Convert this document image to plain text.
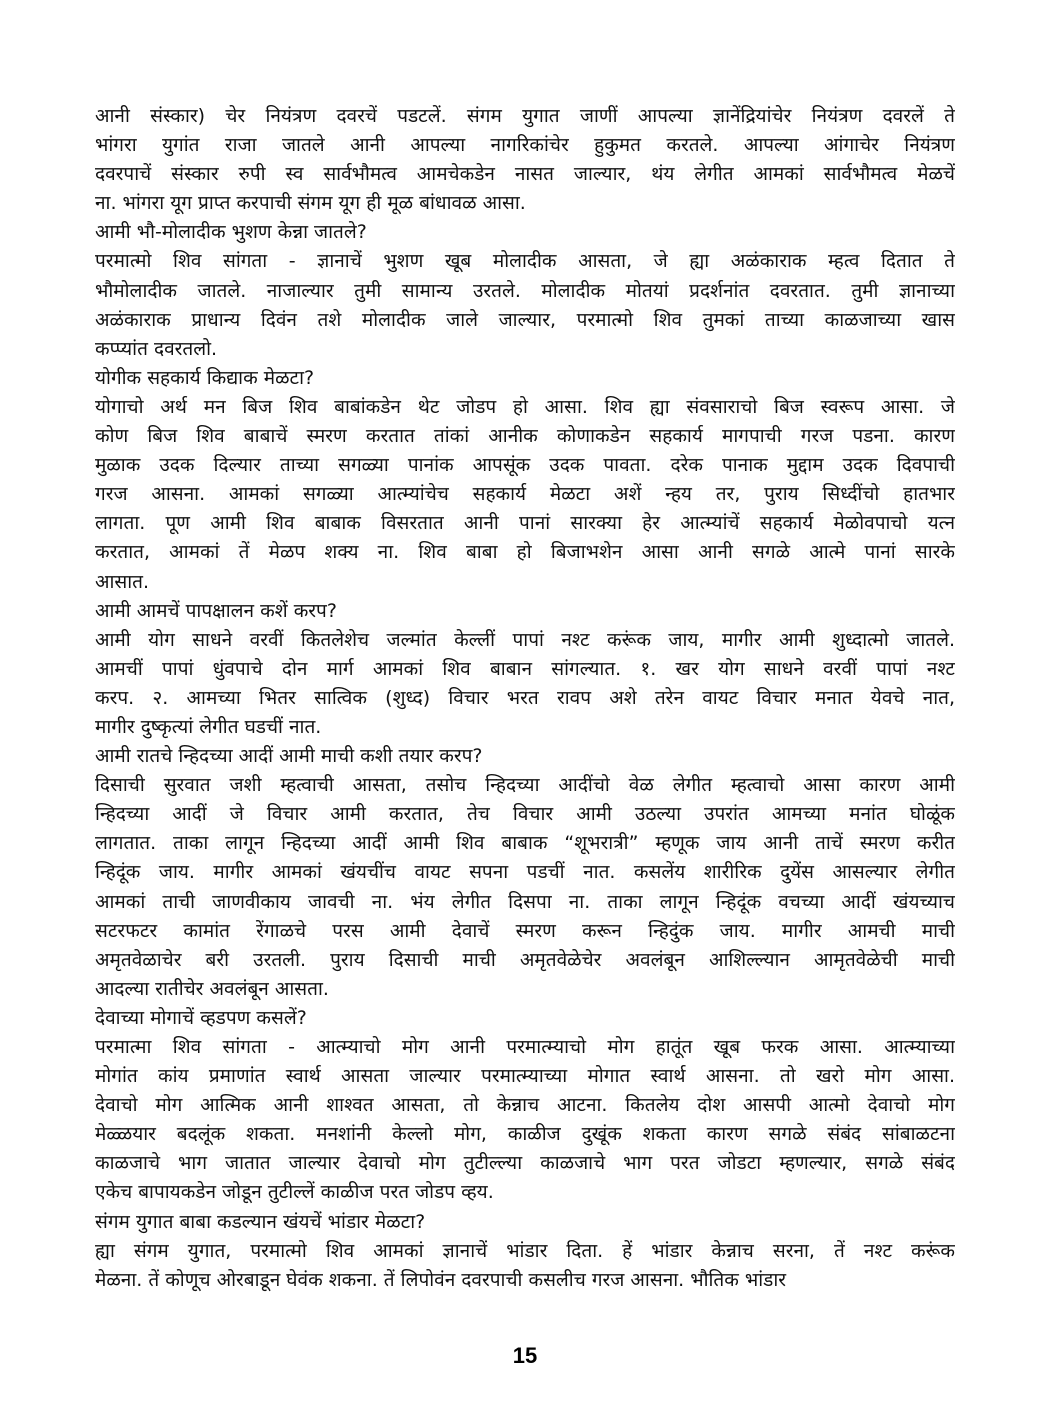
आनी संस्कार) चेर नियंत्रण दवरचें पडटलें. संगम युगात जाणीं आपल्या ज्ञानेंद्रियांचेर नियंत्रण दवरलें ते
भांगरा युगांत राजा जातले आनी आपल्या नागरिकांचेर हुकुमत करतले. आपल्या आंगाचेर नियंत्रण
दवरपाचें संस्कार रुपी स्व सार्वभौमत्व आमचेकडेन नासत जाल्यार, थंय लेगीत आमकां सार्वभौमत्व मेळचें
ना. भांगरा यूग प्राप्त करपाची संगम यूग ही मूळ बांधावळ आसा.
आमी भौ-मोलादीक भुशण केन्ना जातले?
परमात्मो शिव सांगता - ज्ञानाचें भुशण खूब मोलादीक आसता, जे ह्या अळंकाराक म्हत्व दितात ते
भौमोलादीक जातले. नाजाल्यार तुमी सामान्य उरतले. मोलादीक मोतयां प्रदर्शनांत दवरतात. तुमी ज्ञानाच्या
अळंकाराक प्राधान्य दिवंन तशे मोलादीक जाले जाल्यार, परमात्मो शिव तुमकां ताच्या काळजाच्या खास
कप्प्यांत दवरतलो.
योगीक सहकार्य किद्याक मेळटा?
योगाचो अर्थ मन बिज शिव बाबांकडेन थेट जोडप हो आसा. शिव ह्या संवसाराचो बिज स्वरूप आसा. जे
कोण बिज शिव बाबाचें स्मरण करतात तांकां आनीक कोणाकडेन सहकार्य मागपाची गरज पडना. कारण
मुळाक उदक दिल्यार ताच्या सगळ्या पानांक आपसूंक उदक पावता. दरेक पानाक मुद्दाम उदक दिवपाची
गरज आसना. आमकां सगळ्या आत्म्यांचेच सहकार्य मेळटा अशें न्हय तर, पुराय सिध्दींचो हातभार
लागता. पूण आमी शिव बाबाक विसरतात आनी पानां सारक्या हेर आत्म्यांचें सहकार्य मेळोवपाचो यत्न
करतात, आमकां तें मेळप शक्य ना. शिव बाबा हो बिजाभशेन आसा आनी सगळे आत्मे पानां सारके
आसात.
आमी आमचें पापक्षालन कशें करप?
आमी योग साधने वरवीं कितलेशेच जल्मांत केल्लीं पापां नश्ट करूंक जाय, मागीर आमी शुध्दात्मो जातले.
आमचीं पापां धुंवपाचे दोन मार्ग आमकां शिव बाबान सांगल्यात. १. खर योग साधने वरवीं पापां नश्ट
करप. २. आमच्या भितर सात्विक (शुध्द) विचार भरत रावप अशे तरेन वायट विचार मनात येवचे नात,
मागीर दुष्कृत्यां लेगीत घडचीं नात.
आमी रातचे न्हिदच्या आदीं आमी माची कशी तयार करप?
दिसाची सुरवात जशी म्हत्वाची आसता, तसोच न्हिदच्या आदींचो वेळ लेगीत म्हत्वाचो आसा कारण आमी
न्हिदच्या आदीं जे विचार आमी करतात, तेच विचार आमी उठल्या उपरांत आमच्या मनांत घोळूंक
लागतात. ताका लागून न्हिदच्या आदीं आमी शिव बाबाक “शूभरात्री” म्हणूक जाय आनी ताचें स्मरण करीत
न्हिदूंक जाय. मागीर आमकां खंयचींच वायट सपना पडचीं नात. कसलेंय शारीरिक दुयेंस आसल्यार लेगीत
आमकां ताची जाणवीकाय जावची ना. भंय लेगीत दिसपा ना. ताका लागून न्हिदूंक वचच्या आदीं खंयच्याच
सटरफटर कामांत रेंगाळचे परस आमी देवाचें स्मरण करून न्हिदुंक जाय. मागीर आमची माची
अमृतवेळाचेर बरी उरतली. पुराय दिसाची माची अमृतवेळेचेर अवलंबून आशिल्ल्यान आमृतवेळेची माची
आदल्या रातीचेर अवलंबून आसता.
देवाच्या मोगाचें व्हडपण कसलें?
परमात्मा शिव सांगता - आत्म्याचो मोग आनी परमात्म्याचो मोग हातूंत खूब फरक आसा. आत्म्याच्या
मोगांत कांय प्रमाणांत स्वार्थ आसता जाल्यार परमात्म्याच्या मोगात स्वार्थ आसना. तो खरो मोग आसा.
देवाचो मोग आत्मिक आनी शाश्वत आसता, तो केन्नाच आटना. कितलेय दोश आसपी आत्मो देवाचो मोग
मेळ्ळयार बदलूंक शकता. मनशांनी केल्लो मोग, काळीज दुखूंक शकता कारण सगळे संबंद सांबाळटना
काळजाचे भाग जातात जाल्यार देवाचो मोग तुटील्ल्या काळजाचे भाग परत जोडटा म्हणल्यार, सगळे संबंद
एकेच बापायकडेन जोडून तुटील्लें काळीज परत जोडप व्हय.
संगम युगात बाबा कडल्यान खंयचें भांडार मेळटा?
ह्या संगम युगात, परमात्मो शिव आमकां ज्ञानाचें भांडार दिता. हें भांडार केन्नाच सरना, तें नश्ट करूंक
मेळना. तें कोणूच ओरबाडून घेवंक शकना. तें लिपोवंन दवरपाची कसलीच गरज आसना. भौतिक भांडार
15
